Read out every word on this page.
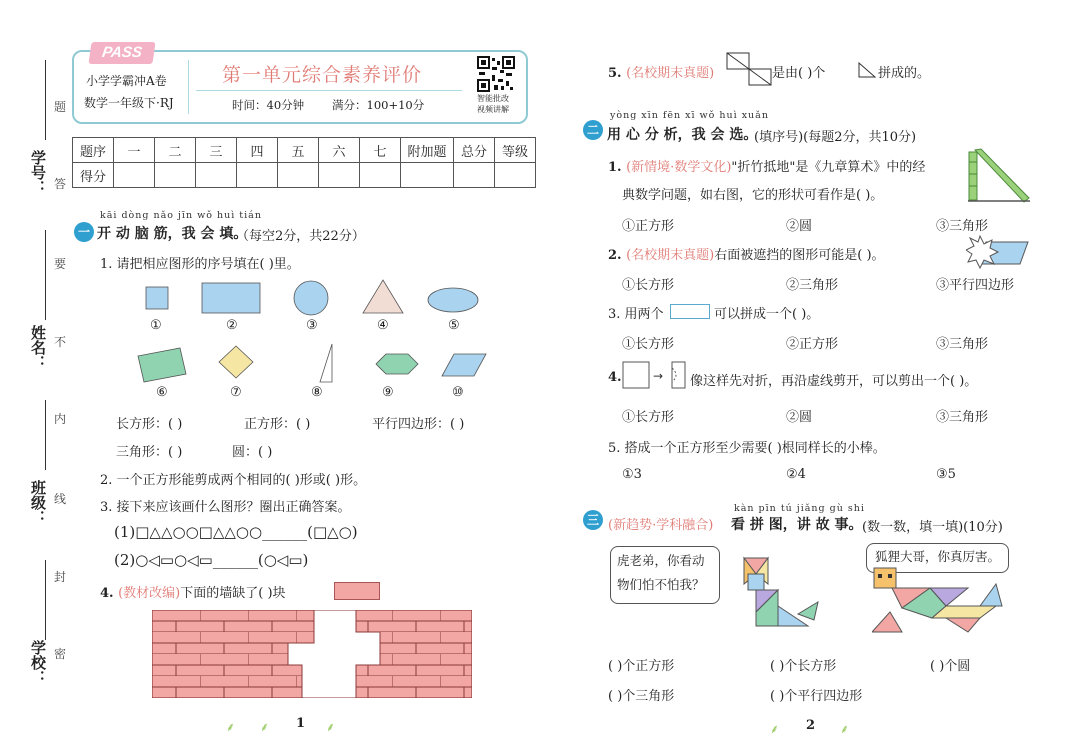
学号：
姓名：
班级：
学校：
题
答
要
不
内
线
封
密
PASS
小学学霸冲A卷
数学一年级下·RJ
第一单元综合素养评价
时间：40分钟 满分：100+10分	智能批改
视频讲解
题序	一	二	三	四	五	六	七	附加题	总分	等级
得分										
一
kāi dòng nǎo jīn wǒ huì tián
开 动 脑 筋，我 会 填。
（每空2分，共22分）
1. 请把相应图形的序号填在( )里。
①	②	③	④	⑤
⑥	⑦	⑧	⑨	⑩
长方形：( )	正方形：( )	平行四边形：( )
三角形：( )	圆：( )
2. 一个正方形能剪成两个相同的( )形或( )形。
3. 接下来应该画什么图形？圈出正确答案。
(1)□△△○○□△△○○______(□△○)
(2)○◁▭○◁▭______(○◁▭)
4. (教材改编)下面的墙缺了( )块
⸙ ⸙ 1 ⸙
5. (名校期末真题)	是由( )个	拼成的。
二
yòng xīn fēn xī wǒ huì xuǎn
用 心 分 析，我 会 选。
(填序号)(每题2分，共10分)
1. (新情境·数学文化)"折竹抵地"是《九章算术》中的经
典数学问题，如右图，它的形状可看作是( )。
①正方形	②圆	③三角形
2. (名校期末真题)右面被遮挡的图形可能是( )。
①长方形	②三角形	③平行四边形
3. 用两个	可以拼成一个( )。
①长方形	②正方形	③三角形
4.	→ 像这样先对折，再沿虚线剪开，可以剪出一个( )。
①长方形	②圆	③三角形
5. 搭成一个正方形至少需要( )根同样长的小棒。
①3	②4	③5
三 (新趋势·学科融合)
kàn pīn tú jiǎng gù shi
看 拼 图，讲 故 事。 (数一数，填一填)(10分)
虎老弟，你看动物们怕不怕我？
狐狸大哥，你真厉害。
( )个正方形	( )个长方形	( )个圆
( )个三角形	( )个平行四边形
⸙ 2 ⸙
